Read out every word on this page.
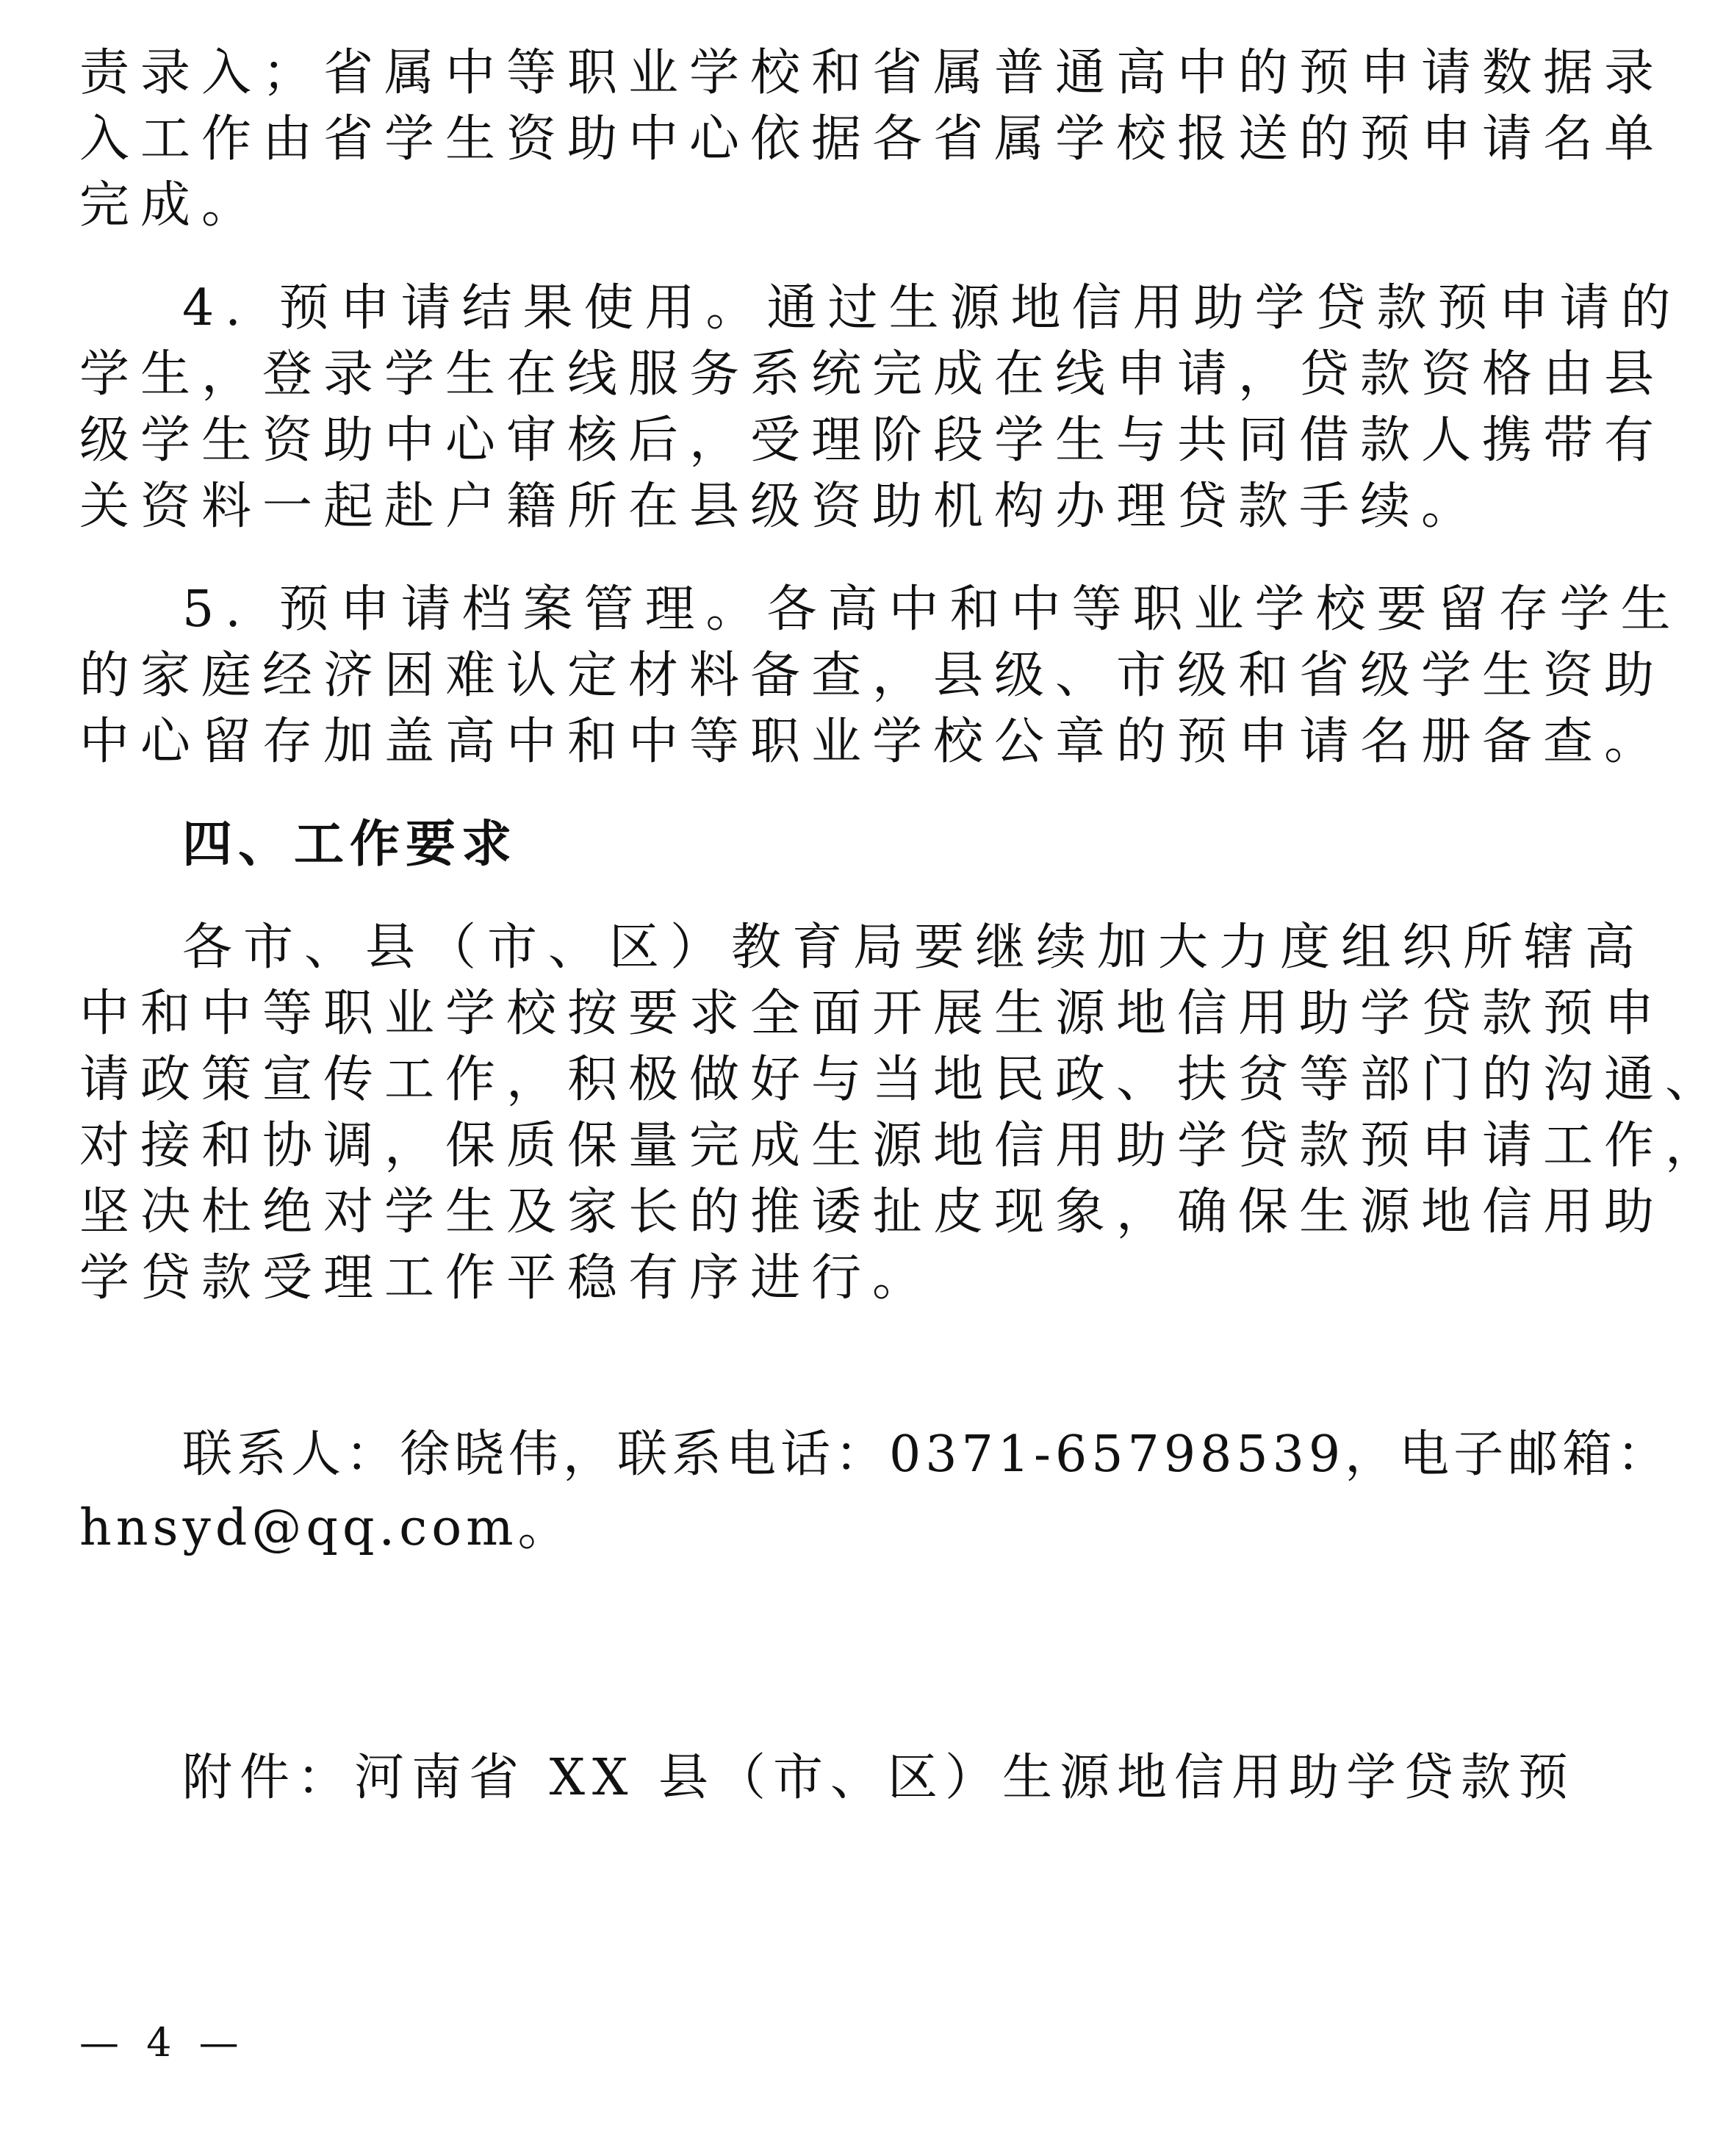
责录入；省属中等职业学校和省属普通高中的预申请数据录
入工作由省学生资助中心依据各省属学校报送的预申请名单
完成。
4. 预申请结果使用。通过生源地信用助学贷款预申请的
学生，登录学生在线服务系统完成在线申请，贷款资格由县
级学生资助中心审核后，受理阶段学生与共同借款人携带有
关资料一起赴户籍所在县级资助机构办理贷款手续。
5. 预申请档案管理。各高中和中等职业学校要留存学生
的家庭经济困难认定材料备查，县级、市级和省级学生资助
中心留存加盖高中和中等职业学校公章的预申请名册备查。
四、工作要求
各市、县（市、区）教育局要继续加大力度组织所辖高
中和中等职业学校按要求全面开展生源地信用助学贷款预申
请政策宣传工作，积极做好与当地民政、扶贫等部门的沟通、
对接和协调，保质保量完成生源地信用助学贷款预申请工作，
坚决杜绝对学生及家长的推诿扯皮现象，确保生源地信用助
学贷款受理工作平稳有序进行。
联系人：徐晓伟，联系电话：0371-65798539，电子邮箱：
hnsyd@qq.com。
附件：河南省 XX 县（市、区）生源地信用助学贷款预
— 4 —
